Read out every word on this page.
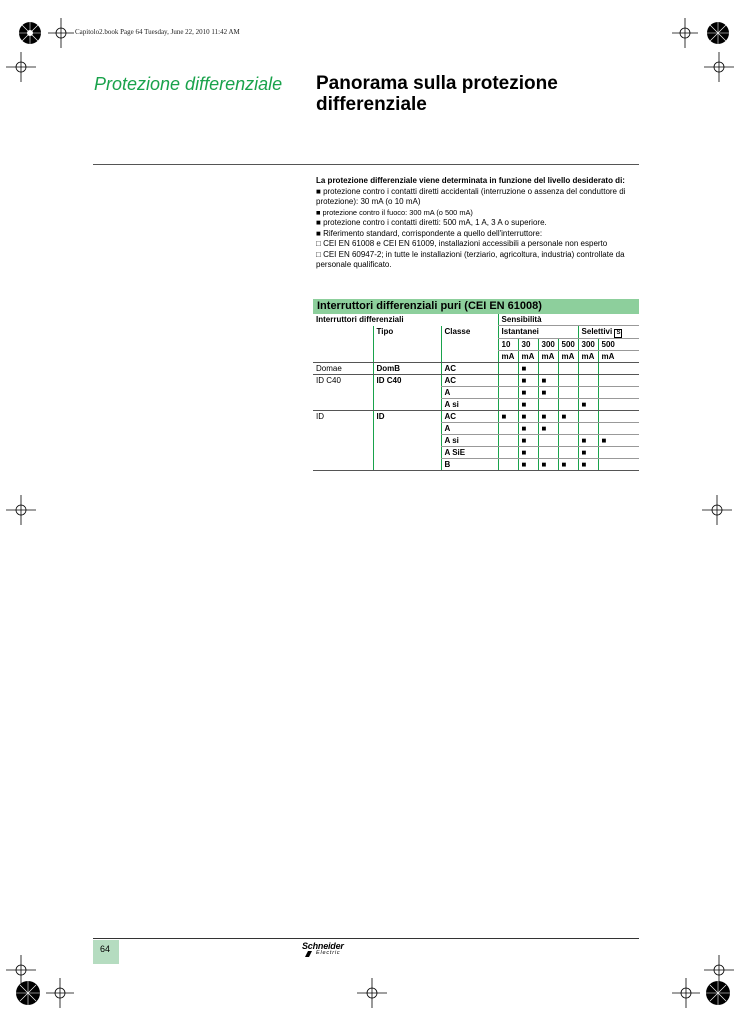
Capitolo2.book Page 64 Tuesday, June 22, 2010 11:42 AM
Protezione differenziale Panorama sulla protezione differenziale
La protezione differenziale viene determinata in funzione del livello desiderato di:
■ protezione contro i contatti diretti accidentali (interruzione o assenza del conduttore di protezione): 30 mA (o 10 mA)
■ protezione contro il fuoco: 300 mA (o 500 mA)
■ protezione contro i contatti diretti: 500 mA, 1 A, 3 A o superiore.
■ Riferimento standard, corrispondente a quello dell'interruttore:
□ CEI EN 61008 e CEI EN 61009, installazioni accessibili a personale non esperto
□ CEI EN 60947-2; in tutte le installazioni (terziario, agricoltura, industria) controllate da personale qualificato.
Interruttori differenziali puri (CEI EN 61008)
Interruttori differenziali			Sensibilità					
	Tipo	Classe	Istantanei				Selettivi S	
			10	30	300	500	300	500
			mA	mA	mA	mA	mA	mA
Domae	DomB	AC		■				
ID C40	ID C40	AC		■	■			
		A		■	■			
		A si		■			■	
ID	ID	AC	■	■	■	■		
		A		■	■			
		A si		■			■	■
		A SiE		■			■	
		B		■	■	■	■	
64	Schneider
Electric
